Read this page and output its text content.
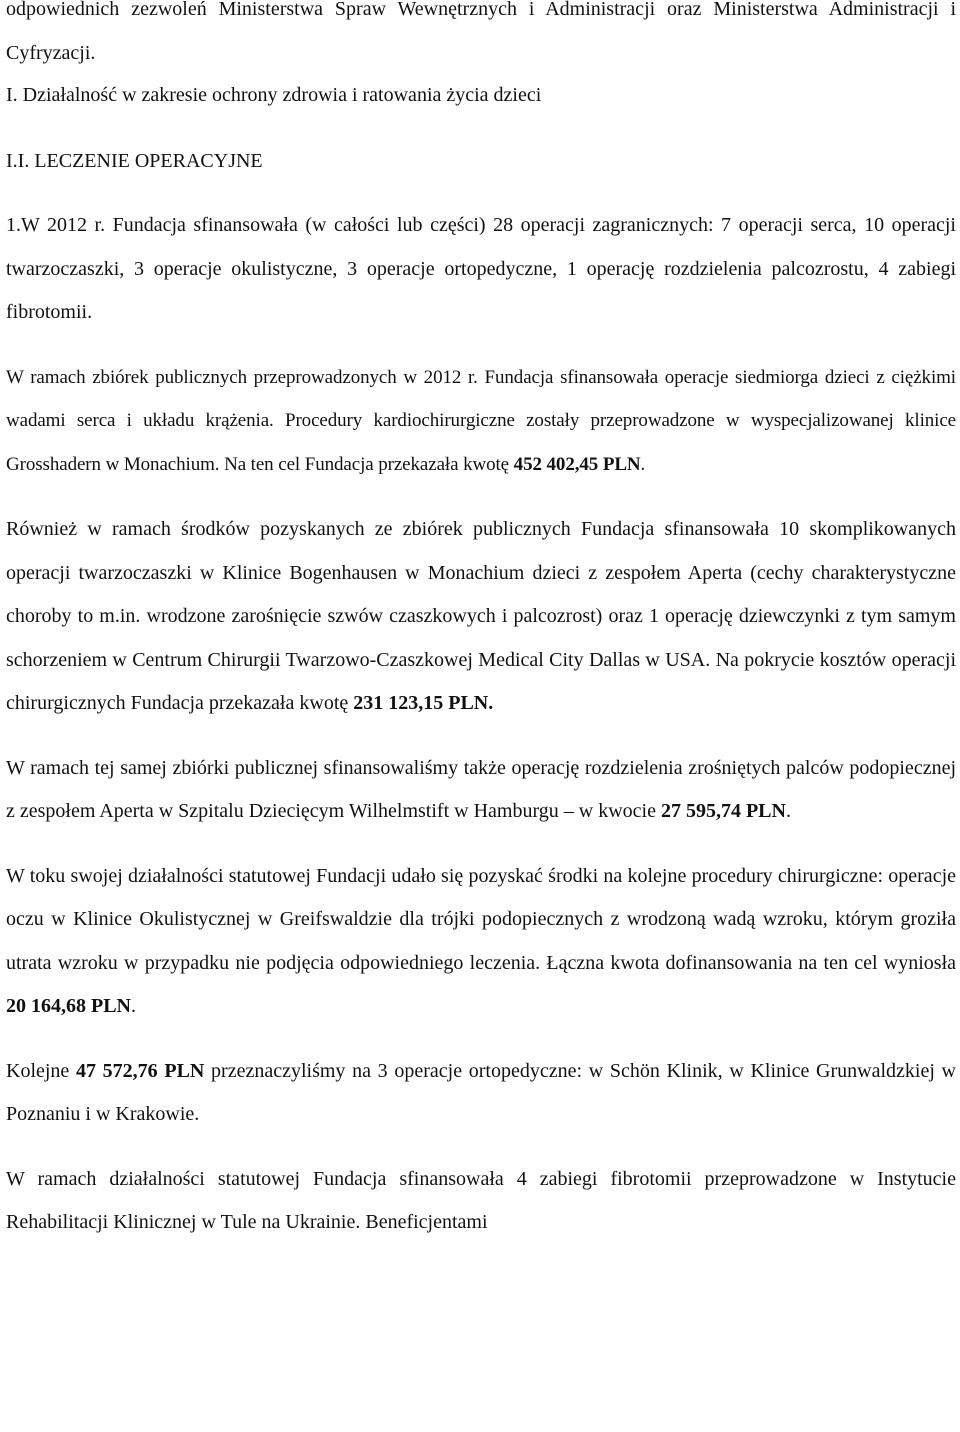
odpowiednich zezwoleń Ministerstwa Spraw Wewnętrznych i Administracji oraz Ministerstwa Administracji i Cyfryzacji.

I. Działalność w zakresie ochrony zdrowia i ratowania życia dzieci

I.I. LECZENIE OPERACYJNE

1.W 2012 r. Fundacja sfinansowała (w całości lub części) 28 operacji zagranicznych: 7 operacji serca, 10 operacji twarzoczaszki, 3 operacje okulistyczne, 3 operacje ortopedyczne, 1 operację rozdzielenia palcozrostu, 4 zabiegi fibrotomii.

W ramach zbiórek publicznych przeprowadzonych w 2012 r. Fundacja sfinansowała operacje siedmiorga dzieci z ciężkimi wadami serca i układu krążenia. Procedury kardiochirurgiczne zostały przeprowadzone w wyspecjalizowanej klinice Grosshadern w Monachium. Na ten cel Fundacja przekazała kwotę 452 402,45 PLN.

Również w ramach środków pozyskanych ze zbiórek publicznych Fundacja sfinansowała 10 skomplikowanych operacji twarzoczaszki w Klinice Bogenhausen w Monachium dzieci z zespołem Aperta (cechy charakterystyczne choroby to m.in. wrodzone zarośnięcie szwów czaszkowych i palcozrost) oraz 1 operację dziewczynki z tym samym schorzeniem w Centrum Chirurgii Twarzowo-Czaszkowej Medical City Dallas w USA. Na pokrycie kosztów operacji chirurgicznych Fundacja przekazała kwotę 231 123,15 PLN.

W ramach tej samej zbiórki publicznej sfinansowaliśmy także operację rozdzielenia zrośniętych palców podopiecznej z zespołem Aperta w Szpitalu Dziecięcym Wilhelmstift w Hamburgu – w kwocie 27 595,74 PLN.

W toku swojej działalności statutowej Fundacji udało się pozyskać środki na kolejne procedury chirurgiczne: operacje oczu w Klinice Okulistycznej w Greifswaldzie dla trójki podopiecznych z wrodzoną wadą wzroku, którym groziła utrata wzroku w przypadku nie podjęcia odpowiedniego leczenia. Łączna kwota dofinansowania na ten cel wyniosła 20 164,68 PLN.

Kolejne 47 572,76 PLN przeznaczyliśmy na 3 operacje ortopedyczne: w Schön Klinik, w Klinice Grunwaldzkiej w Poznaniu i w Krakowie.

W ramach działalności statutowej Fundacja sfinansowała 4 zabiegi fibrotomii przeprowadzone w Instytucie Rehabilitacji Klinicznej w Tule na Ukrainie. Beneficjentami
